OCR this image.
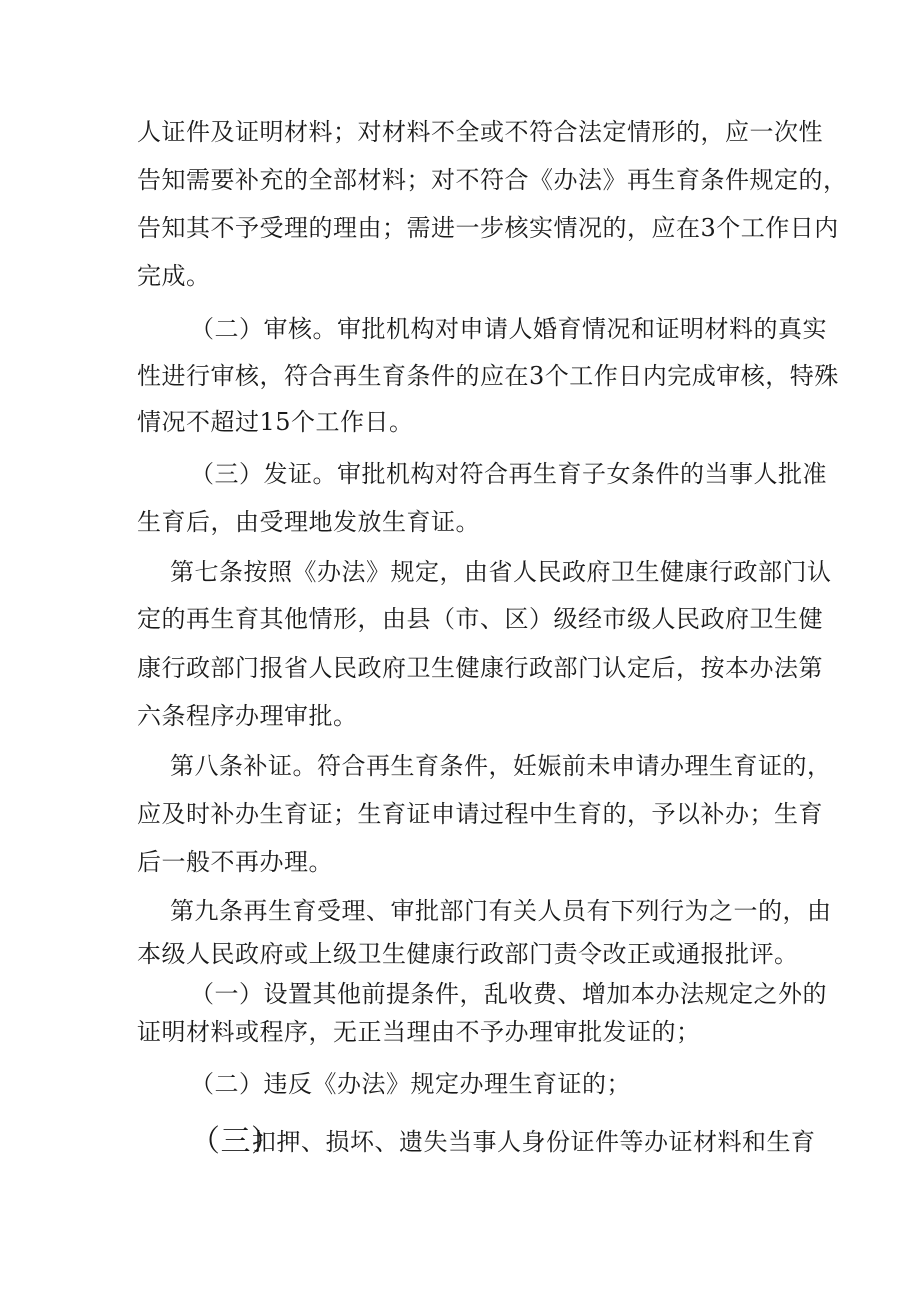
人证件及证明材料；对材料不全或不符合法定情形的，应一次性
告知需要补充的全部材料；对不符合《办法》再生育条件规定的，
告知其不予受理的理由；需进一步核实情况的，应在3个工作日内
完成。
（二）审核。审批机构对申请人婚育情况和证明材料的真实
性进行审核，符合再生育条件的应在3个工作日内完成审核，特殊
情况不超过15个工作日。
（三）发证。审批机构对符合再生育子女条件的当事人批准
生育后，由受理地发放生育证。
第七条按照《办法》规定，由省人民政府卫生健康行政部门认
定的再生育其他情形，由县（市、区）级经市级人民政府卫生健
康行政部门报省人民政府卫生健康行政部门认定后，按本办法第
六条程序办理审批。
第八条补证。符合再生育条件，妊娠前未申请办理生育证的，
应及时补办生育证；生育证申请过程中生育的，予以补办；生育
后一般不再办理。
第九条再生育受理、审批部门有关人员有下列行为之一的，由
本级人民政府或上级卫生健康行政部门责令改正或通报批评。
（一）设置其他前提条件，乱收费、增加本办法规定之外的
证明材料或程序，无正当理由不予办理审批发证的；
（二）违反《办法》规定办理生育证的；
（三）
扣押、损坏、遗失当事人身份证件等办证材料和生育
